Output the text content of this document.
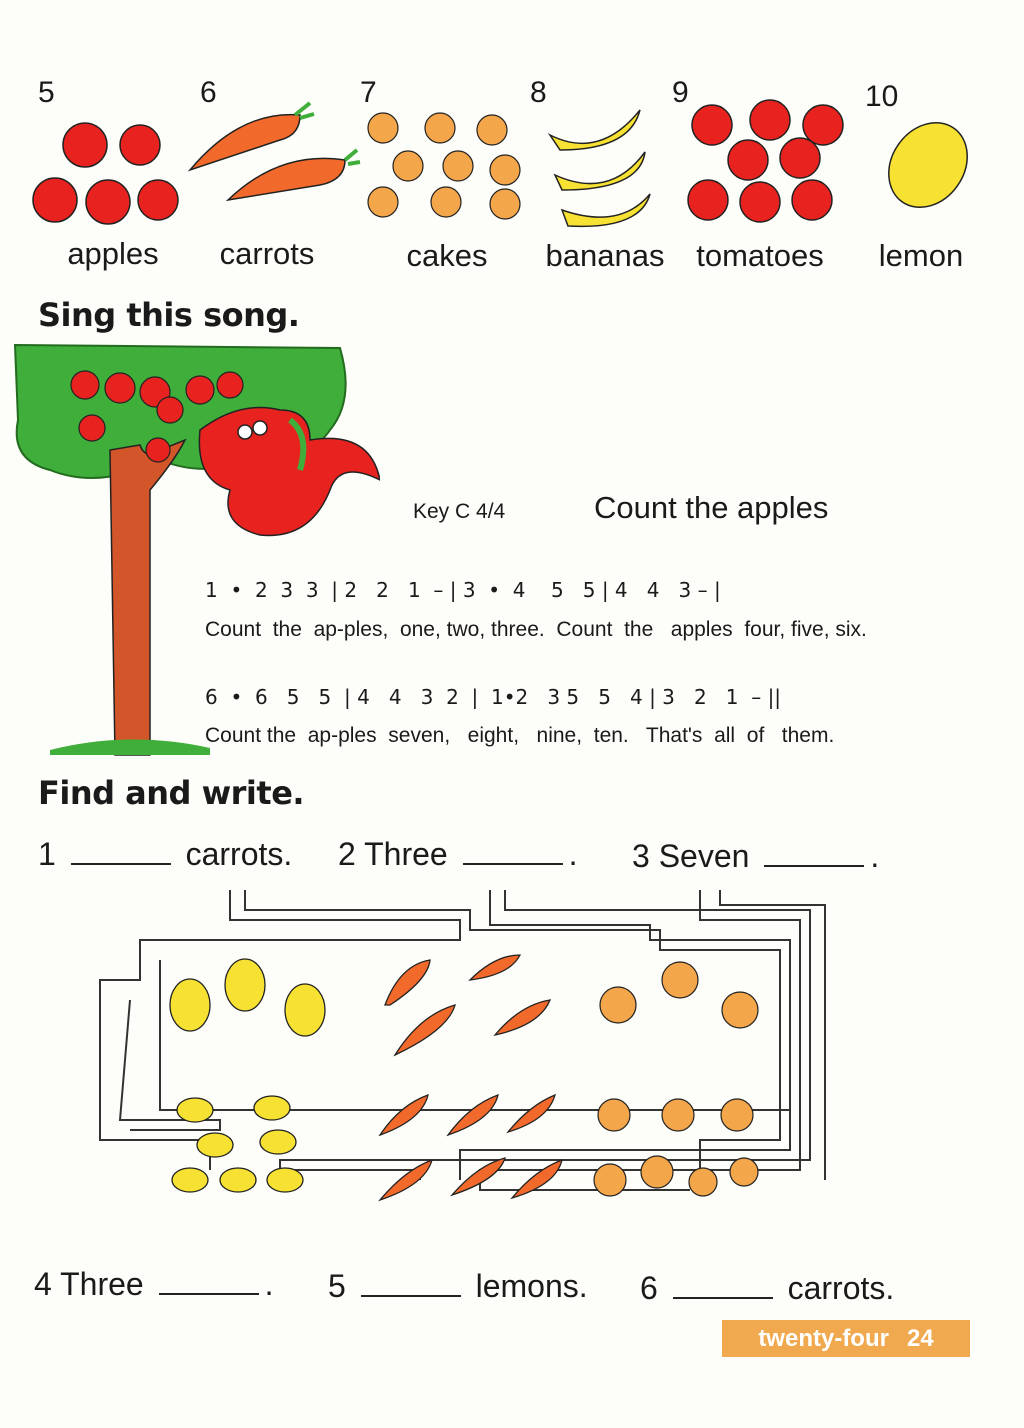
5	6	7	8	9	10
apples	carrots	cakes	bananas	tomatoes	lemon
Sing this song.
Key C 4/4	Count the apples
1  •  2  3  3  | 2   2   1  – | 3  •  4    5   5 | 4   4   3 – |
Count  the  ap-ples,  one, two, three.  Count  the   apples  four, five, six.
6  •  6   5   5  | 4   4   3  2  |  1•2   3 5   5   4 | 3   2   1  – ||
Count the  ap-ples  seven,   eight,   nine,  ten.   That's  all  of   them.
Find and write.
1	carrots. 2 Three	. 3 Seven	.
4 Three	. 5	lemons. 6	carrots.
twenty-four 24
